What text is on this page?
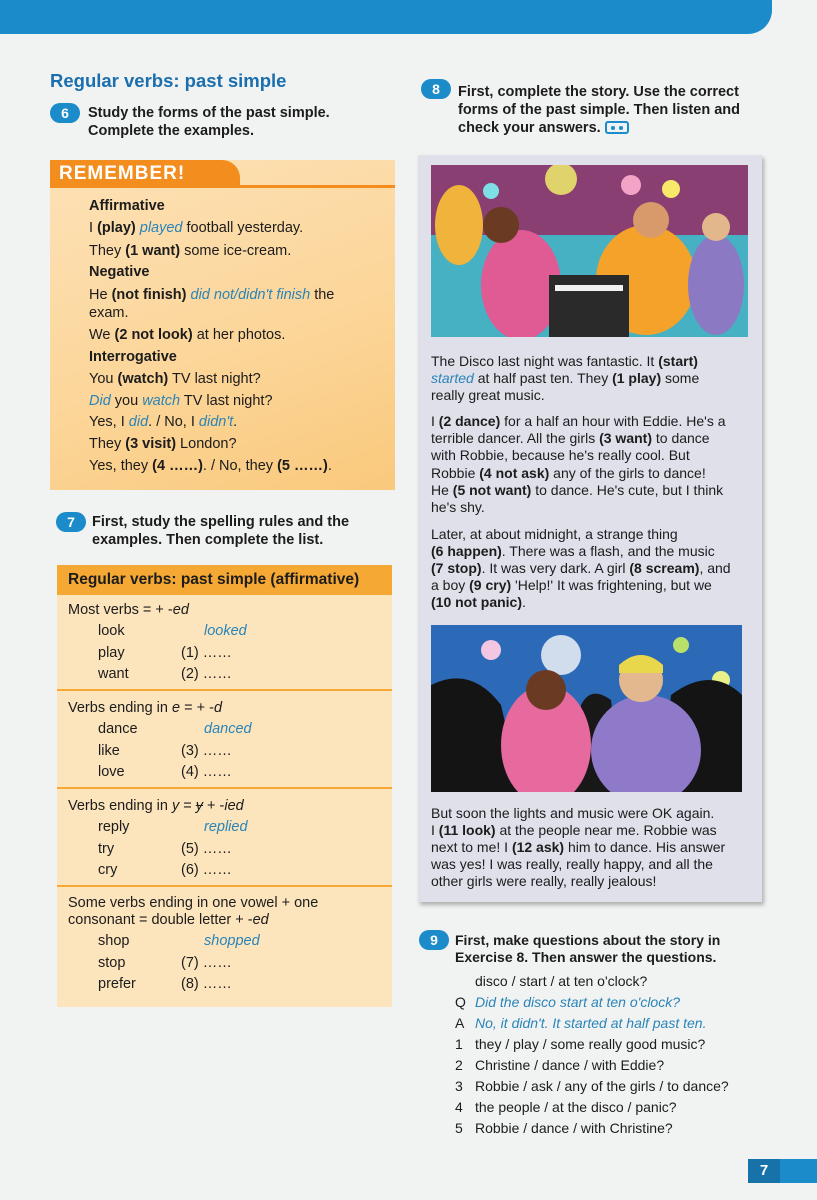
Regular verbs: past simple
6	Study the forms of the past simple.
Complete the examples.
REMEMBER!
Affirmative
I (play) played football yesterday.
They (1 want) some ice-cream.
Negative
He (not finish) did not/didn't finish the
exam.
We (2 not look) at her photos.
Interrogative
You (watch) TV last night?
Did you watch TV last night?
Yes, I did. / No, I didn't.
They (3 visit) London?
Yes, they (4 ……). / No, they (5 ……).
7	First, study the spelling rules and the
examples. Then complete the list.
Regular verbs: past simple (affirmative)
Most verbs = + -ed
look	looked
play	(1) ……
want	(2) ……
Verbs ending in e = + -d
dance	danced
like	(3) ……
love	(4) ……
Verbs ending in y = y + -ied
reply	replied
try	(5) ……
cry	(6) ……
Some verbs ending in one vowel + one
consonant = double letter + -ed
shop	shopped
stop	(7) ……
prefer	(8) ……
8	First, complete the story. Use the correct
forms of the past simple. Then listen and
check your answers.
The Disco last night was fantastic. It (start)
started at half past ten. They (1 play) some
really great music.
I (2 dance) for a half an hour with Eddie. He's a
terrible dancer. All the girls (3 want) to dance
with Robbie, because he's really cool. But
Robbie (4 not ask) any of the girls to dance!
He (5 not want) to dance. He's cute, but I think
he's shy.
Later, at about midnight, a strange thing
(6 happen). There was a flash, and the music
(7 stop). It was very dark. A girl (8 scream), and
a boy (9 cry) 'Help!' It was frightening, but we
(10 not panic).
But soon the lights and music were OK again.
I (11 look) at the people near me. Robbie was
next to me! I (12 ask) him to dance. His answer
was yes! I was really, really happy, and all the
other girls were really, really jealous!
9	First, make questions about the story in
Exercise 8. Then answer the questions.
disco / start / at ten o'clock?
Q Did the disco start at ten o'clock?
A No, it didn't. It started at half past ten.
1 they / play / some really good music?
2 Christine / dance / with Eddie?
3 Robbie / ask / any of the girls / to dance?
4 the people / at the disco / panic?
5 Robbie / dance / with Christine?
7
